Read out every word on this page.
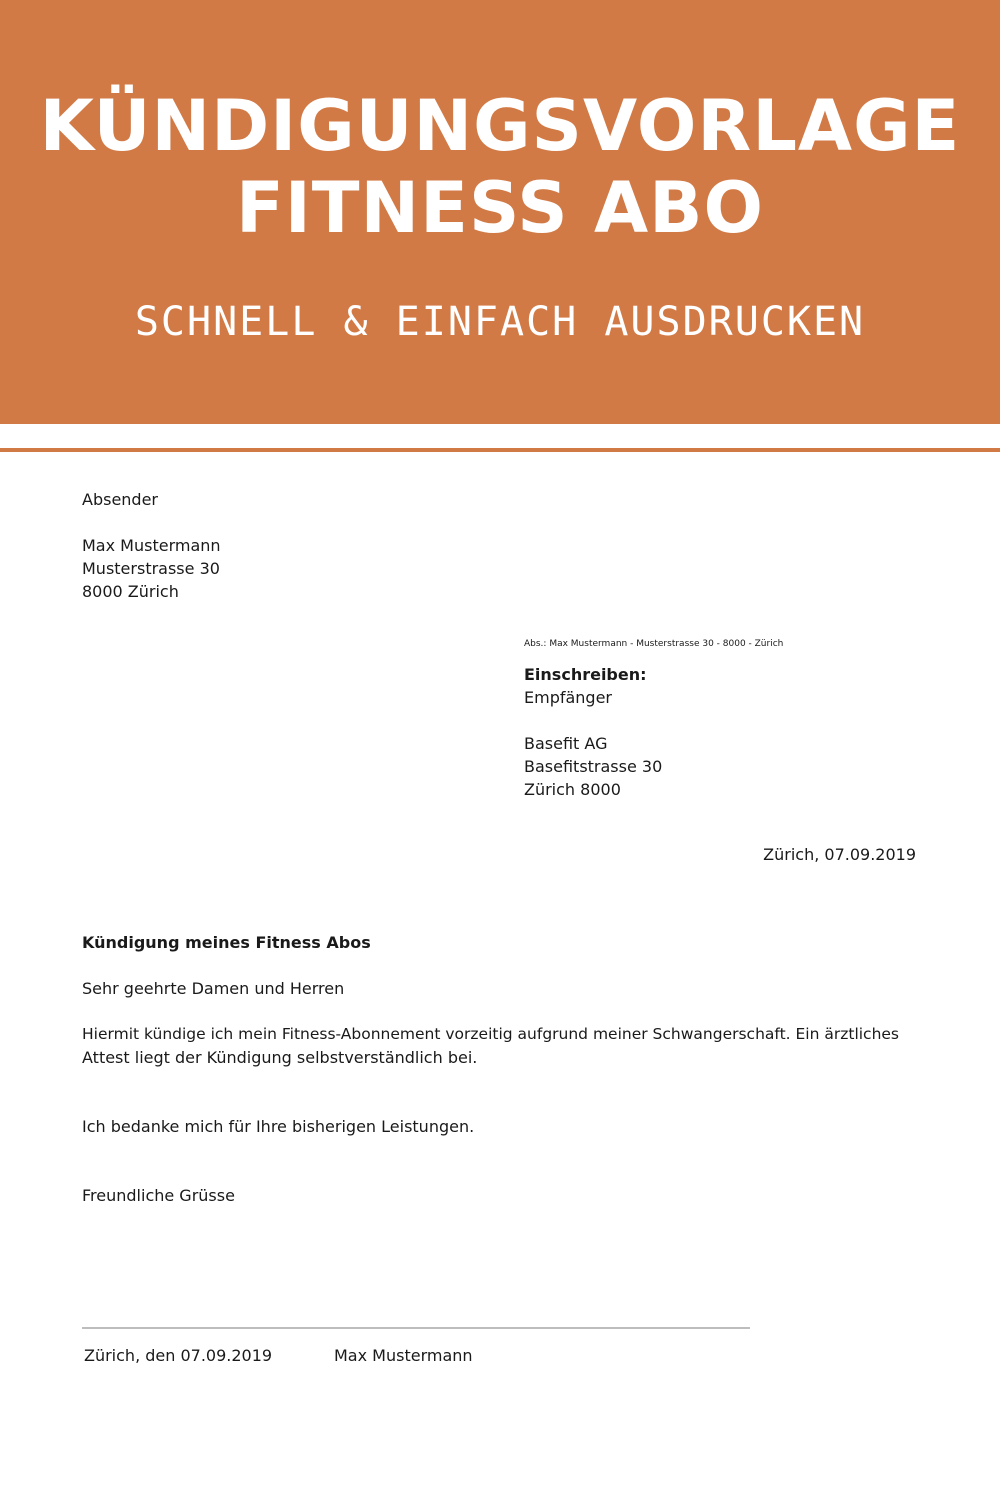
KÜNDIGUNGSVORLAGE
FITNESS ABO
SCHNELL & EINFACH AUSDRUCKEN
Absender
Max Mustermann
Musterstrasse 30
8000 Zürich
Abs.: Max Mustermann - Musterstrasse 30 - 8000 - Zürich
Einschreiben:
Empfänger
Basefit AG
Basefitstrasse 30
Zürich 8000
Zürich, 07.09.2019
Kündigung meines Fitness Abos
Sehr geehrte Damen und Herren
Hiermit kündige ich mein Fitness-Abonnement vorzeitig aufgrund meiner Schwangerschaft. Ein ärztliches
Attest liegt der Kündigung selbstverständlich bei.
Ich bedanke mich für Ihre bisherigen Leistungen.
Freundliche Grüsse
Zürich, den 07.09.2019	Max Mustermann
